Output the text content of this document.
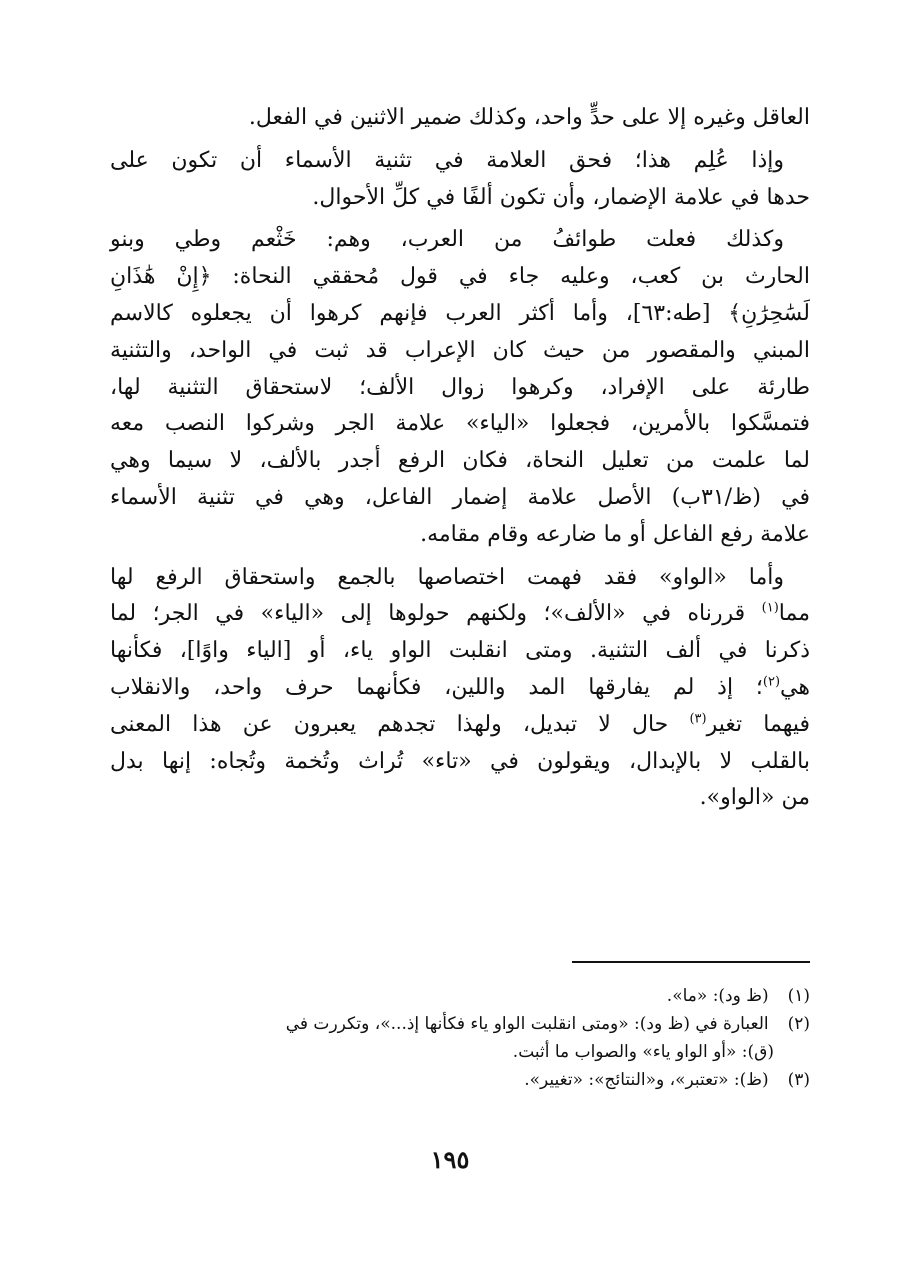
العاقل وغيره إلا على حدٍّ واحد، وكذلك ضمير الاثنين في الفعل.
وإذا عُلِم هذا؛ فحق العلامة في تثنية الأسماء أن تكون على
حدها في علامة الإضمار، وأن تكون ألفًا في كلِّ الأحوال.
وكذلك فعلت طوائفُ من العرب، وهم: خَثْعم وطي وبنو
الحارث بن كعب، وعليه جاء في قول مُحققي النحاة: ﴿إِنْ هَٰذَانِ
لَسَٰحِرَٰنِ﴾ [طه:٦٣]، وأما أكثر العرب فإنهم كرهوا أن يجعلوه كالاسم
المبني والمقصور من حيث كان الإعراب قد ثبت في الواحد، والتثنية
طارئة على الإفراد، وكرهوا زوال الألف؛ لاستحقاق التثنية لها،
فتمسَّكوا بالأمرين، فجعلوا «الياء» علامة الجر وشركوا النصب معه
لما علمت من تعليل النحاة، فكان الرفع أجدر بالألف، لا سيما وهي
في (ظ/٣١ب) الأصل علامة إضمار الفاعل، وهي في تثنية الأسماء
علامة رفع الفاعل أو ما ضارعه وقام مقامه.
وأما «الواو» فقد فهمت اختصاصها بالجمع واستحقاق الرفع لها
مما$^{(١)}$ قررناه في «الألف»؛ ولكنهم حولوها إلى «الياء» في الجر؛ لما
ذكرنا في ألف التثنية. ومتى انقلبت الواو ياء، أو [الياء واوًا]، فكأنها
هي$^{(٢)}$؛ إذ لم يفارقها المد واللين، فكأنهما حرف واحد، والانقلاب
فيهما تغير$^{(٣)}$ حال لا تبديل، ولهذا تجدهم يعبرون عن هذا المعنى
بالقلب لا بالإبدال، ويقولون في «تاء» تُراث وتُخمة وتُجاه: إنها بدل
من «الواو».
(١) (ظ ود): «ما».
(٢) العبارة في (ظ ود): «ومتى انقلبت الواو ياء فكأنها إذ...»، وتكررت في
(ق): «أو الواو ياء» والصواب ما أثبت.
(٣) (ظ): «تعتبر»، و«النتائج»: «تغيير».
١٩٥
